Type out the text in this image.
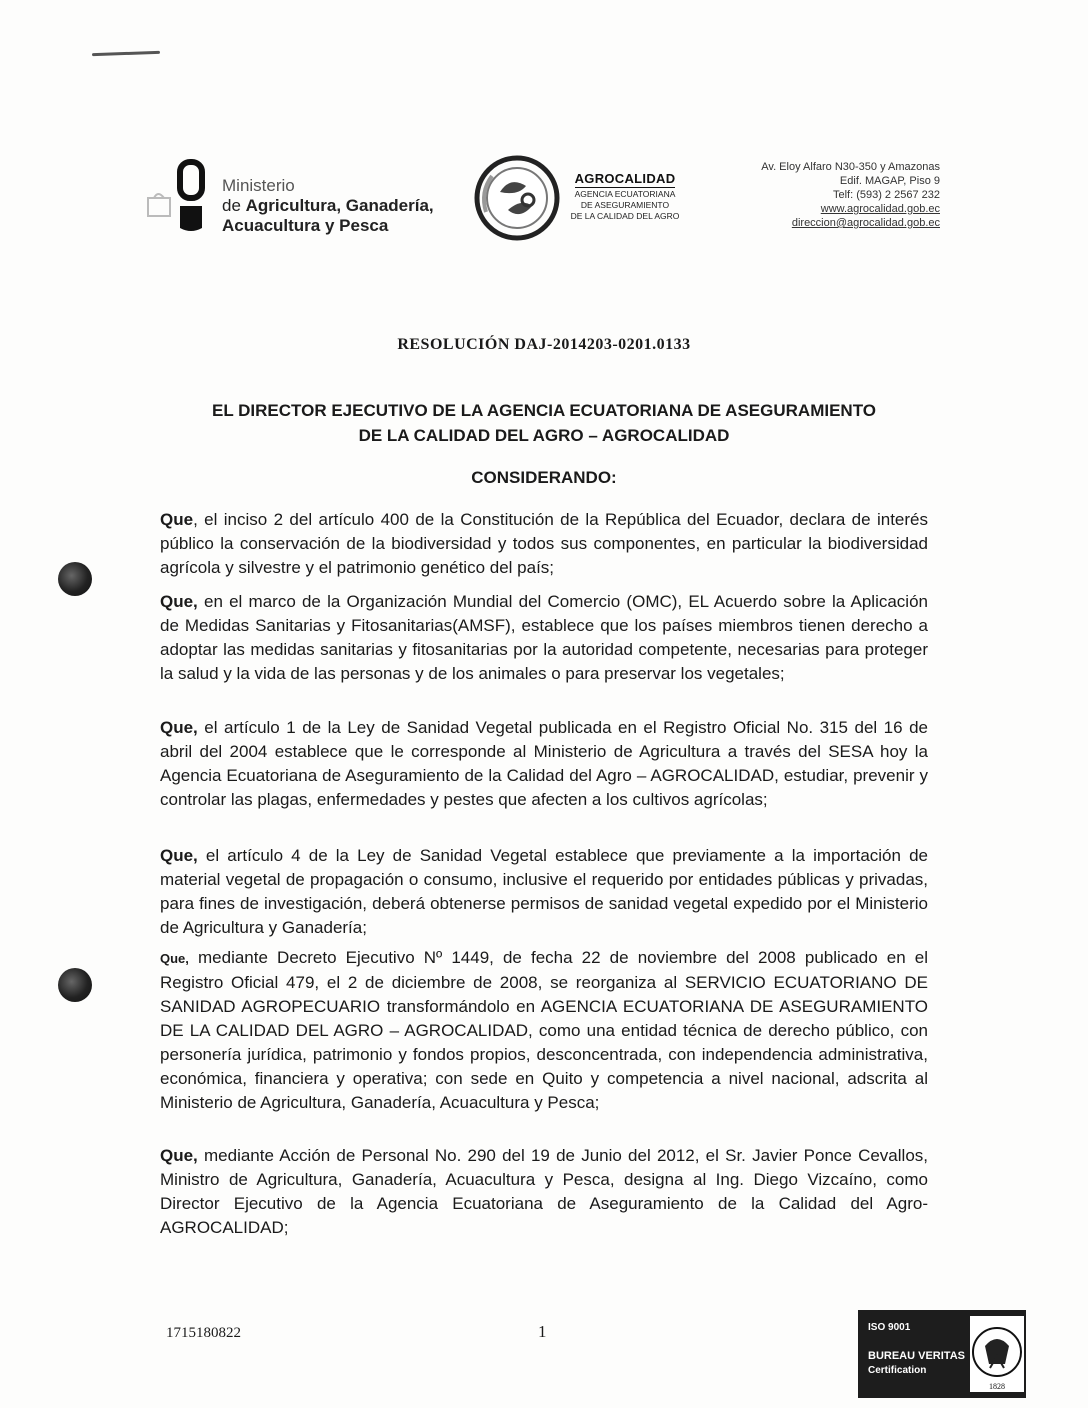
Ministerio
de Agricultura, Ganadería,
Acuacultura y Pesca
AGROCALIDAD
AGENCIA ECUATORIANA
DE ASEGURAMIENTO
DE LA CALIDAD DEL AGRO
Av. Eloy Alfaro N30-350 y Amazonas
Edif. MAGAP, Piso 9
Telf: (593) 2 2567 232
www.agrocalidad.gob.ec
direccion@agrocalidad.gob.ec
RESOLUCIÓN DAJ-2014203-0201.0133
EL DIRECTOR EJECUTIVO DE LA AGENCIA ECUATORIANA DE ASEGURAMIENTO
DE LA CALIDAD DEL AGRO – AGROCALIDAD
CONSIDERANDO:
Que, el inciso 2 del artículo 400 de la Constitución de la República del Ecuador, declara de interés público la conservación de la biodiversidad y todos sus componentes, en particular la biodiversidad agrícola y silvestre y el patrimonio genético del país;
Que, en el marco de la Organización Mundial del Comercio (OMC), EL Acuerdo sobre la Aplicación de Medidas Sanitarias y Fitosanitarias(AMSF), establece que los países miembros tienen derecho a adoptar las medidas sanitarias y fitosanitarias por la autoridad competente, necesarias para proteger la salud y la vida de las personas y de los animales o para preservar los vegetales;
Que, el artículo 1 de la Ley de Sanidad Vegetal publicada en el Registro Oficial No. 315 del 16 de abril del 2004 establece que le corresponde al Ministerio de Agricultura a través del SESA hoy la Agencia Ecuatoriana de Aseguramiento de la Calidad del Agro – AGROCALIDAD, estudiar, prevenir y controlar las plagas, enfermedades y pestes que afecten a los cultivos agrícolas;
Que, el artículo 4 de la Ley de Sanidad Vegetal establece que previamente a la importación de material vegetal de propagación o consumo, inclusive el requerido por entidades públicas y privadas, para fines de investigación, deberá obtenerse permisos de sanidad vegetal expedido por el Ministerio de Agricultura y Ganadería;
Que, mediante Decreto Ejecutivo Nº 1449, de fecha 22 de noviembre del 2008 publicado en el Registro Oficial 479, el 2 de diciembre de 2008, se reorganiza al SERVICIO ECUATORIANO DE SANIDAD AGROPECUARIO transformándolo en AGENCIA ECUATORIANA DE ASEGURAMIENTO DE LA CALIDAD DEL AGRO – AGROCALIDAD, como una entidad técnica de derecho público, con personería jurídica, patrimonio y fondos propios, desconcentrada, con independencia administrativa, económica, financiera y operativa; con sede en Quito y competencia a nivel nacional, adscrita al Ministerio de Agricultura, Ganadería, Acuacultura y Pesca;
Que, mediante Acción de Personal No. 290 del 19 de Junio del 2012, el Sr. Javier Ponce Cevallos, Ministro de Agricultura, Ganadería, Acuacultura y Pesca, designa al Ing. Diego Vizcaíno, como Director Ejecutivo de la Agencia Ecuatoriana de Aseguramiento de la Calidad del Agro-AGROCALIDAD;
1715180822	1	ISO 9001
BUREAU VERITAS
Certification
1828
